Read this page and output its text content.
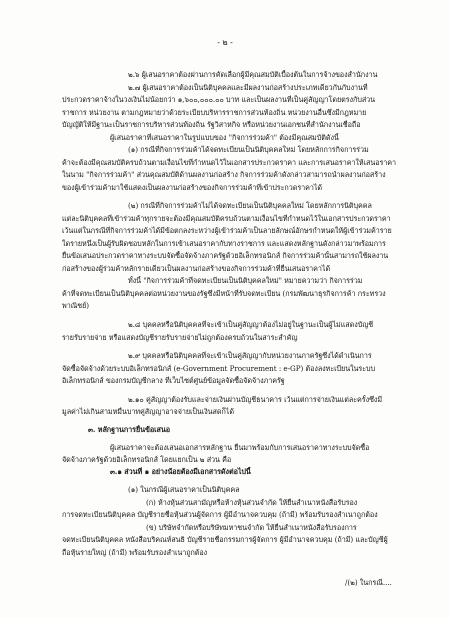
- ๒ -
๒.๖ ผู้เสนอราคาต้องผ่านการคัดเลือกผู้มีคุณสมบัติเบื้องต้นในการจ้างของสำนักงาน
๒.๗ ผู้เสนอราคาต้องเป็นนิติบุคคลและมีผลงานก่อสร้างประเภทเดียวกันกับงานที่
ประกวดราคาจ้างในวงเงินไม่น้อยกว่า ๑,๖๐๐,๐๐๐.๐๐ บาท และเป็นผลงานที่เป็นคู่สัญญาโดยตรงกับส่วน
ราชการ หน่วยงาน ตามกฎหมายว่าด้วยระเบียบบริหารราชการส่วนท้องถิ่น หน่วยงานอื่นซึ่งมีกฎหมาย
บัญญัติให้มีฐานะเป็นราชการบริหารส่วนท้องถิ่น รัฐวิสาหกิจ หรือหน่วยงานเอกชนที่สำนักงานเชื่อถือ
ผู้เสนอราคาที่เสนอราคาในรูปแบบของ "กิจการร่วมค้า" ต้องมีคุณสมบัติดังนี้
(๑) กรณีที่กิจการร่วมค้าได้จดทะเบียนเป็นนิติบุคคลใหม่ โดยหลักการกิจการร่วม
ค้าจะต้องมีคุณสมบัติครบถ้วนตามเงื่อนไขที่กำหนดไว้ในเอกสารประกวดราคา และการเสนอราคาให้เสนอราคา
ในนาม "กิจการร่วมค้า" ส่วนคุณสมบัติด้านผลงานก่อสร้าง กิจการร่วมค้าดังกล่าวสามารถนำผลงานก่อสร้าง
ของผู้เข้าร่วมค้ามาใช้แสดงเป็นผลงานก่อสร้างของกิจการร่วมค้าที่เข้าประกวดราคาได้
(๒) กรณีที่กิจการร่วมค้าไม่ได้จดทะเบียนเป็นนิติบุคคลใหม่ โดยหลักการนิติบุคคล
แต่ละนิติบุคคลที่เข้าร่วมค้าทุกรายจะต้องมีคุณสมบัติครบถ้วนตามเงื่อนไขที่กำหนดไว้ในเอกสารประกวดราคา
เว้นแต่ในกรณีที่กิจการร่วมค้าได้มีข้อตกลงระหว่างผู้เข้าร่วมค้าเป็นลายลักษณ์อักษรกำหนดให้ผู้เข้าร่วมค้าราย
ใดรายหนึ่งเป็นผู้รับผิดชอบหลักในการเข้าเสนอราคากับทางราชการ และแสดงหลักฐานดังกล่าวมาพร้อมการ
ยื่นข้อเสนอประกวดราคาทางระบบจัดซื้อจัดจ้างภาครัฐด้วยอิเล็กทรอนิกส์ กิจการร่วมค้านั้นสามารถใช้ผลงาน
ก่อสร้างของผู้ร่วมค้าหลักรายเดียวเป็นผลงานก่อสร้างของกิจการร่วมค้าที่ยื่นเสนอราคาได้
ทั้งนี้ "กิจการร่วมค้าที่จดทะเบียนเป็นนิติบุคคลใหม่" หมายความว่า กิจการร่วม
ค้าที่จดทะเบียนเป็นนิติบุคคลต่อหน่วยงานของรัฐซึ่งมีหน้าที่รับจดทะเบียน (กรมพัฒนาธุรกิจการค้า กระทรวง
พาณิชย์)
๒.๘ บุคคลหรือนิติบุคคลที่จะเข้าเป็นคู่สัญญาต้องไม่อยู่ในฐานะเป็นผู้ไม่แสดงบัญชี
รายรับรายจ่าย หรือแสดงบัญชีรายรับรายจ่ายไม่ถูกต้องครบถ้วนในสาระสำคัญ
๒.๙ บุคคลหรือนิติบุคคลที่จะเข้าเป็นคู่สัญญากับหน่วยงานภาครัฐซึ่งได้ดำเนินการ
จัดซื้อจัดจ้างด้วยระบบอิเล็กทรอนิกส์ (e-Government Procurement : e-GP) ต้องลงทะเบียนในระบบ
อิเล็กทรอนิกส์ ของกรมบัญชีกลาง ที่เว็บไซต์ศูนย์ข้อมูลจัดซื้อจัดจ้างภาครัฐ
๒.๑๐ คู่สัญญาต้องรับและจ่ายเงินผ่านบัญชีธนาคาร เว้นแต่การจ่ายเงินแต่ละครั้งซึ่งมี
มูลค่าไม่เกินสามหมื่นบาทคู่สัญญาอาจจ่ายเป็นเงินสดก็ได้
๓. หลักฐานการยื่นข้อเสนอ
ผู้เสนอราคาจะต้องเสนอเอกสารหลักฐาน ยื่นมาพร้อมกับการเสนอราคาทางระบบจัดซื้อ
จัดจ้างภาครัฐด้วยอิเล็กทรอนิกส์ โดยแยกเป็น ๒ ส่วน คือ
๓.๑ ส่วนที่ ๑ อย่างน้อยต้องมีเอกสารดังต่อไปนี้
(๑) ในกรณีผู้เสนอราคาเป็นนิติบุคคล
(ก) ห้างหุ้นส่วนสามัญหรือห้างหุ้นส่วนจำกัด ให้ยื่นสำเนาหนังสือรับรอง
การจดทะเบียนนิติบุคคล บัญชีรายชื่อหุ้นส่วนผู้จัดการ ผู้มีอำนาจควบคุม (ถ้ามี) พร้อมรับรองสำเนาถูกต้อง
(ข) บริษัทจำกัดหรือบริษัทมหาชนจำกัด ให้ยื่นสำเนาหนังสือรับรองการ
จดทะเบียนนิติบุคคล หนังสือบริคณห์สนธิ บัญชีรายชื่อกรรมการผู้จัดการ ผู้มีอำนาจควบคุม (ถ้ามี) และบัญชีผู้
ถือหุ้นรายใหญ่ (ถ้ามี) พร้อมรับรองสำเนาถูกต้อง
/(๒) ในกรณี....
